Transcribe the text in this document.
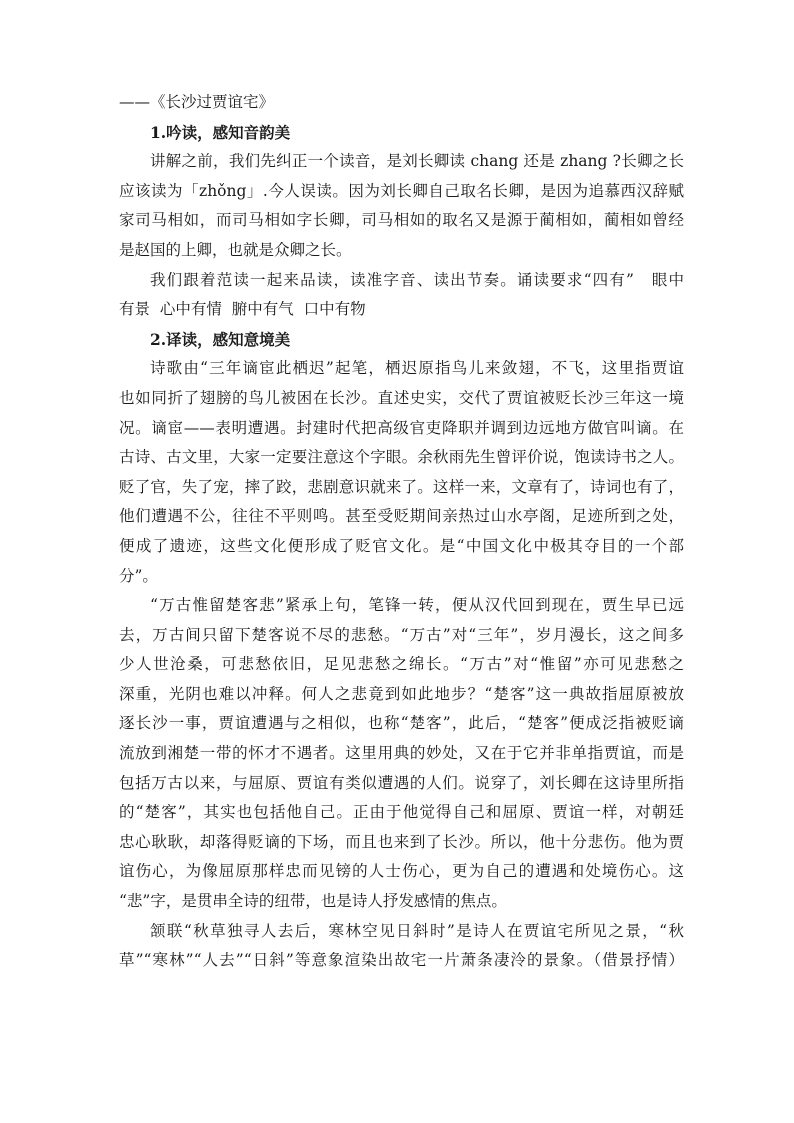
——《长沙过贾谊宅》

1.吟读，感知音韵美

讲解之前，我们先纠正一个读音，是刘长卿读 chang 还是 zhang ?长卿之长

应该读为「zhǒng」.今人误读。因为刘长卿自己取名长卿，是因为追慕西汉辞赋

家司马相如，而司马相如字长卿，司马相如的取名又是源于蔺相如，蔺相如曾经

是赵国的上卿，也就是众卿之长。

我们跟着范读一起来品读，读准字音、读出节奏。诵读要求“四有”　眼中

有景  心中有情  腑中有气  口中有物

2.译读，感知意境美

诗歌由“三年谪宦此栖迟”起笔，栖迟原指鸟儿来敛翅，不飞，这里指贾谊

也如同折了翅膀的鸟儿被困在长沙。直述史实，交代了贾谊被贬长沙三年这一境

况。谪宦——表明遭遇。封建时代把高级官吏降职并调到边远地方做官叫谪。在

古诗、古文里，大家一定要注意这个字眼。余秋雨先生曾评价说，饱读诗书之人。

贬了官，失了宠，摔了跤，悲剧意识就来了。这样一来，文章有了，诗词也有了，

他们遭遇不公，往往不平则鸣。甚至受贬期间亲热过山水亭阁，足迹所到之处，

便成了遗迹，这些文化便形成了贬官文化。是“中国文化中极其夺目的一个部

分”。

“万古惟留楚客悲”紧承上句，笔锋一转，便从汉代回到现在，贾生早已远

去，万古间只留下楚客说不尽的悲愁。“万古”对“三年”，岁月漫长，这之间多

少人世沧桑，可悲愁依旧，足见悲愁之绵长。“万古”对“惟留”亦可见悲愁之

深重，光阴也难以冲释。何人之悲竟到如此地步？“楚客”这一典故指屈原被放

逐长沙一事，贾谊遭遇与之相似，也称“楚客”，此后，“楚客”便成泛指被贬谪

流放到湘楚一带的怀才不遇者。这里用典的妙处，又在于它并非单指贾谊，而是

包括万古以来，与屈原、贾谊有类似遭遇的人们。说穿了，刘长卿在这诗里所指

的“楚客”，其实也包括他自己。正由于他觉得自己和屈原、贾谊一样，对朝廷

忠心耿耿，却落得贬谪的下场，而且也来到了长沙。所以，他十分悲伤。他为贾

谊伤心，为像屈原那样忠而见镑的人士伤心，更为自己的遭遇和处境伤心。这

“悲”字，是贯串全诗的纽带，也是诗人抒发感情的焦点。

颔联“秋草独寻人去后，寒林空见日斜时”是诗人在贾谊宅所见之景，“秋

草”“寒林”“人去”“日斜”等意象渲染出故宅一片萧条凄泠的景象。（借景抒情）
